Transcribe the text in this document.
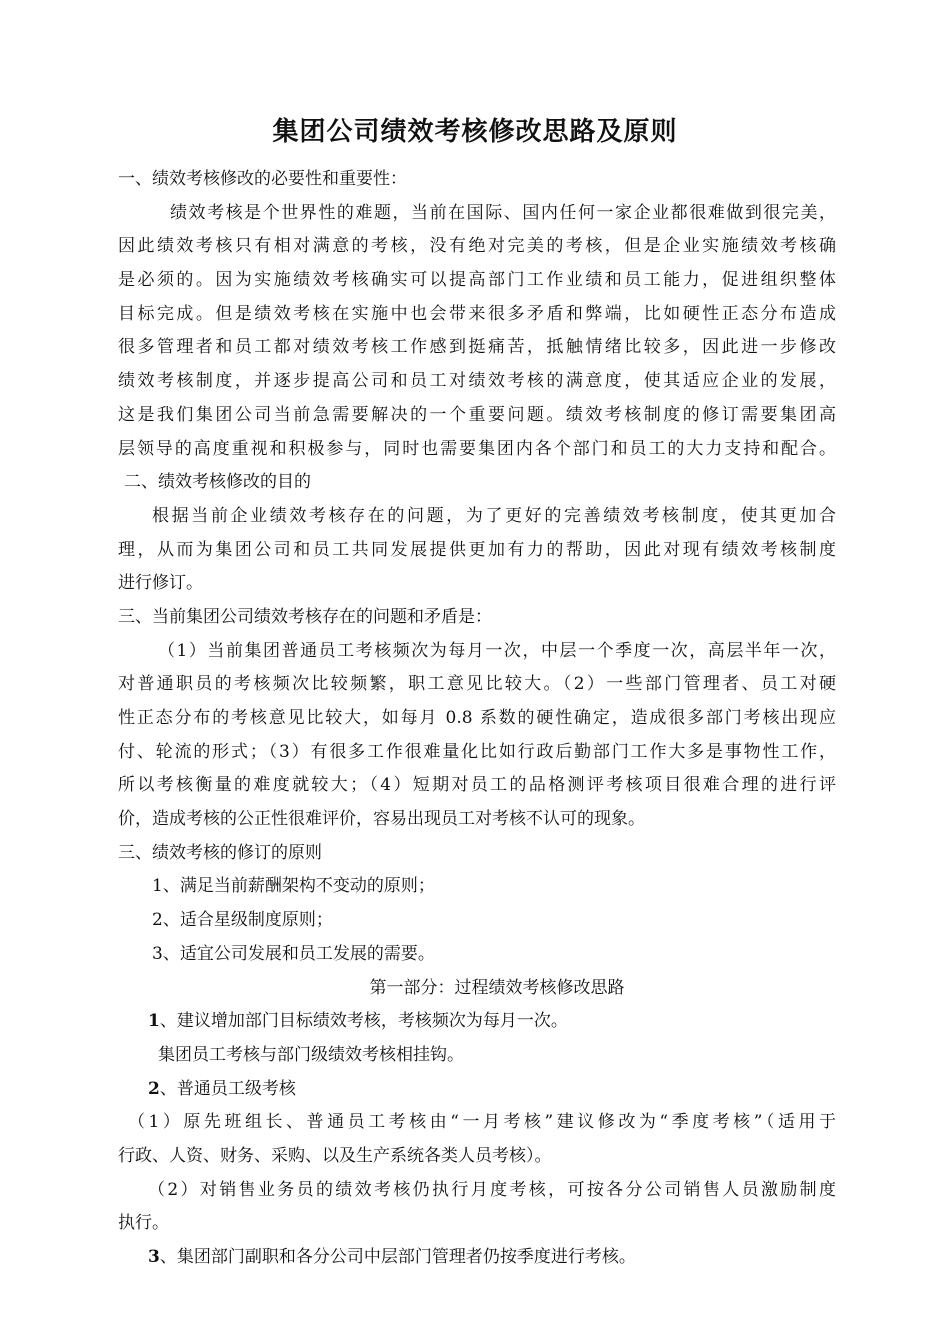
集团公司绩效考核修改思路及原则
一、绩效考核修改的必要性和重要性：
绩效考核是个世界性的难题，当前在国际、国内任何一家企业都很难做到很完美，
因此绩效考核只有相对满意的考核，没有绝对完美的考核，但是企业实施绩效考核确
是必须的。因为实施绩效考核确实可以提高部门工作业绩和员工能力，促进组织整体
目标完成。但是绩效考核在实施中也会带来很多矛盾和弊端，比如硬性正态分布造成
很多管理者和员工都对绩效考核工作感到挺痛苦，抵触情绪比较多，因此进一步修改
绩效考核制度，并逐步提高公司和员工对绩效考核的满意度，使其适应企业的发展，
这是我们集团公司当前急需要解决的一个重要问题。绩效考核制度的修订需要集团高
层领导的高度重视和积极参与，同时也需要集团内各个部门和员工的大力支持和配合。
二、绩效考核修改的目的
根据当前企业绩效考核存在的问题，为了更好的完善绩效考核制度，使其更加合
理，从而为集团公司和员工共同发展提供更加有力的帮助，因此对现有绩效考核制度
进行修订。
三、当前集团公司绩效考核存在的问题和矛盾是：
（1）当前集团普通员工考核频次为每月一次，中层一个季度一次，高层半年一次，
对普通职员的考核频次比较频繁，职工意见比较大。（2）一些部门管理者、员工对硬
性正态分布的考核意见比较大，如每月 0.8 系数的硬性确定，造成很多部门考核出现应
付、轮流的形式；（3）有很多工作很难量化比如行政后勤部门工作大多是事物性工作，
所以考核衡量的难度就较大；（4）短期对员工的品格测评考核项目很难合理的进行评
价，造成考核的公正性很难评价，容易出现员工对考核不认可的现象。
三、绩效考核的修订的原则
1、满足当前薪酬架构不变动的原则；
2、适合星级制度原则；
3、适宜公司发展和员工发展的需要。
第一部分：过程绩效考核修改思路
1、建议增加部门目标绩效考核，考核频次为每月一次。
集团员工考核与部门级绩效考核相挂钩。
2、普通员工级考核
（1）原先班组长、普通员工考核由“一月考核”建议修改为“季度考核”（适用于
行政、人资、财务、采购、以及生产系统各类人员考核）。
（2）对销售业务员的绩效考核仍执行月度考核，可按各分公司销售人员激励制度
执行。
3、集团部门副职和各分公司中层部门管理者仍按季度进行考核。
